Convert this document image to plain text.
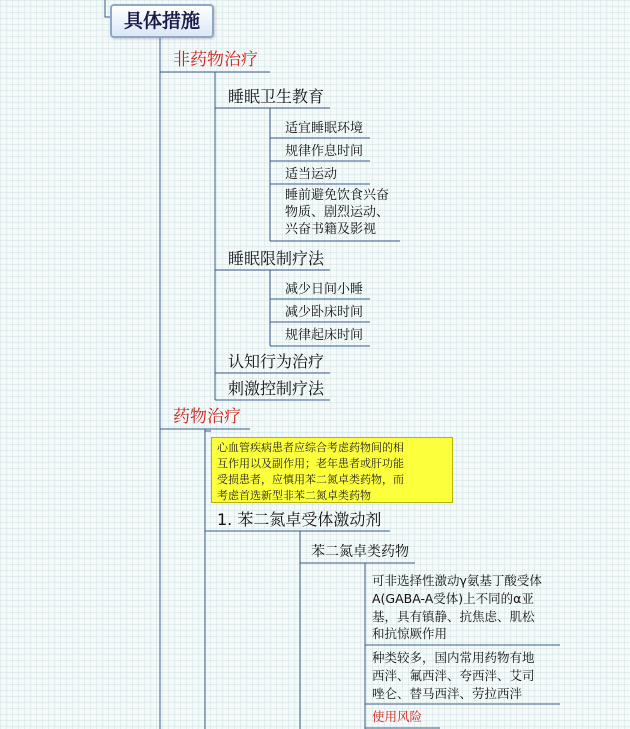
具体措施
非药物治疗
睡眠卫生教育
适宜睡眠环境
规律作息时间
适当运动
睡前避免饮食兴奋
物质、剧烈运动、
兴奋书籍及影视
睡眠限制疗法
减少日间小睡
减少卧床时间
规律起床时间
认知行为治疗
刺激控制疗法
药物治疗
心血管疾病患者应综合考虑药物间的相
互作用以及副作用；老年患者或肝功能
受损患者，应慎用苯二氮卓类药物，而
考虑首选新型非苯二氮卓类药物
1. 苯二氮卓受体激动剂
苯二氮卓类药物
可非选择性激动γ氨基丁酸受体
A(GABA-A受体)上不同的α亚
基，具有镇静、抗焦虑、肌松
和抗惊厥作用
种类较多，国内常用药物有地
西泮、氟西泮、夸西泮、艾司
唑仑、替马西泮、劳拉西泮
使用风险
